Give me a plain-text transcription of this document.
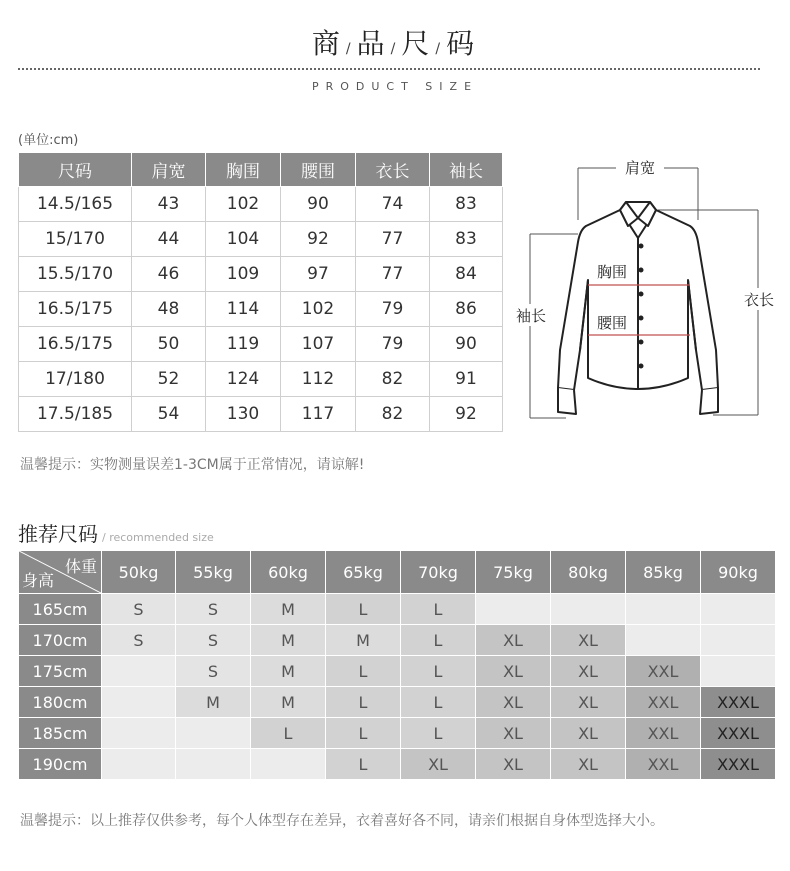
商 /品 /尺 /码
PRODUCT SIZE
(单位:cm)
尺码	肩宽	胸围	腰围	衣长	袖长
14.5/165	43	102	90	74	83
15/170	44	104	92	77	83
15.5/170	46	109	97	77	84
16.5/175	48	114	102	79	86
16.5/175	50	119	107	79	90
17/180	52	124	112	82	91
17.5/185	54	130	117	82	92
温馨提示：实物测量误差1-3CM属于正常情况，请谅解!
肩宽
胸围
腰围
袖长
衣长
推荐尺码 / recommended size
体重
身高	50kg	55kg	60kg	65kg	70kg	75kg	80kg	85kg	90kg
165cm	S	S	M	L	L				
170cm	S	S	M	M	L	XL	XL		
175cm		S	M	L	L	XL	XL	XXL	
180cm		M	M	L	L	XL	XL	XXL	XXXL
185cm			L	L	L	XL	XL	XXL	XXXL
190cm				L	XL	XL	XL	XXL	XXXL
温馨提示：以上推荐仅供参考，每个人体型存在差异，衣着喜好各不同，请亲们根据自身体型选择大小。
